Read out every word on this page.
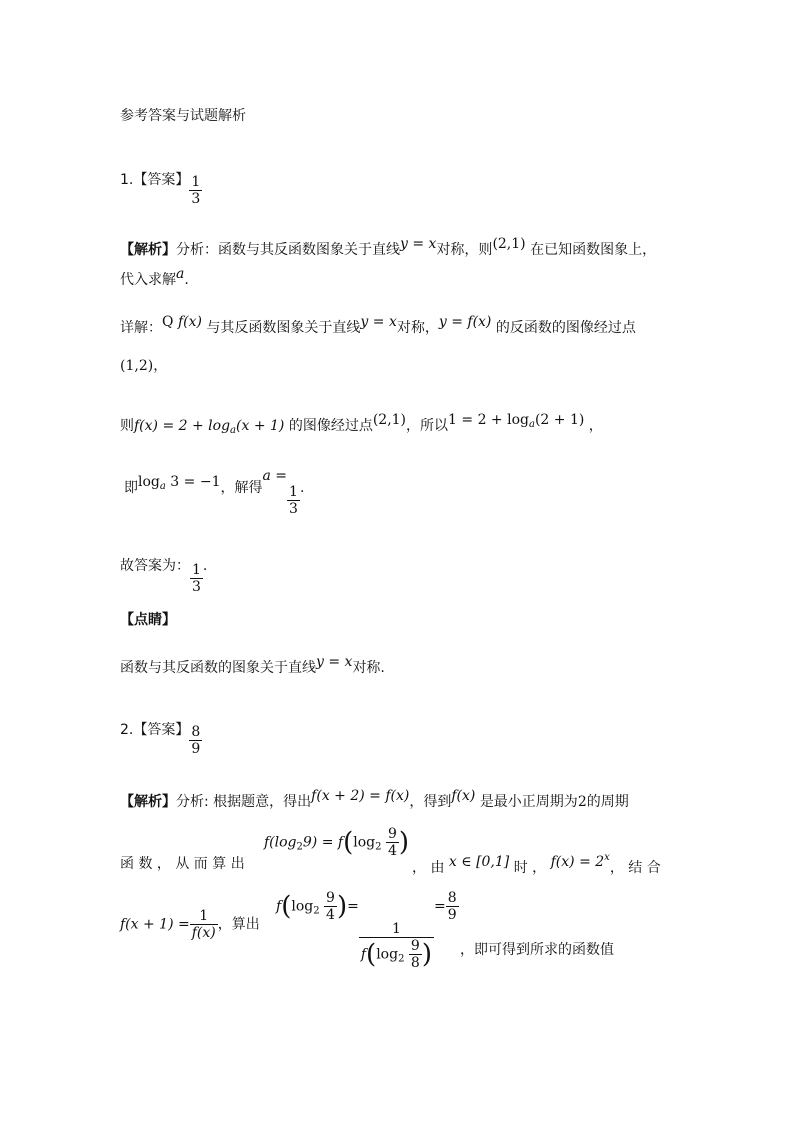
参考答案与试题解析
1.【答案】 $\frac{1}{3}$
【解析】分析：函数与其反函数图象关于直线y = x对称，则(2,1) 在已知函数图象上，
代入求解a.
详解：Q f(x) 与其反函数图象关于直线y = x对称，y = f(x) 的反函数的图像经过点
(1,2)，
则$f(x) = 2 + \log_a(x + 1)$ 的图像经过点(2,1)，所以$1 = 2 + \log^a(2 + 1)$ ，
即$\log^a 3 = -1$，解得a =
$\frac{1}{3}$ .
故答案为： $\frac{1}{3}$ .
【点睛】
函数与其反函数的图象关于直线y = x对称.
2.【答案】 $\frac{8}{9}$
【解析】分析: 根据题意，得出f(x + 2) = f(x)，得到f(x) 是最小正周期为2的周期
函 数 ， 从 而 算 出
$f(\log_29) = f(\log_2 \frac{9}{4}$ )
， 由 x ∈ [0,1] 时 ， $f(x) = 2^x$， 结 合
$f(x + 1) = \frac{1}{f(x)}$ ，算出
$f(\log_2 \frac{9}{4}$ )=
$\frac{1}{f(\log_2 \frac{9}{8} )}$
= $\frac{8}{9}$
，即可得到所求的函数值
